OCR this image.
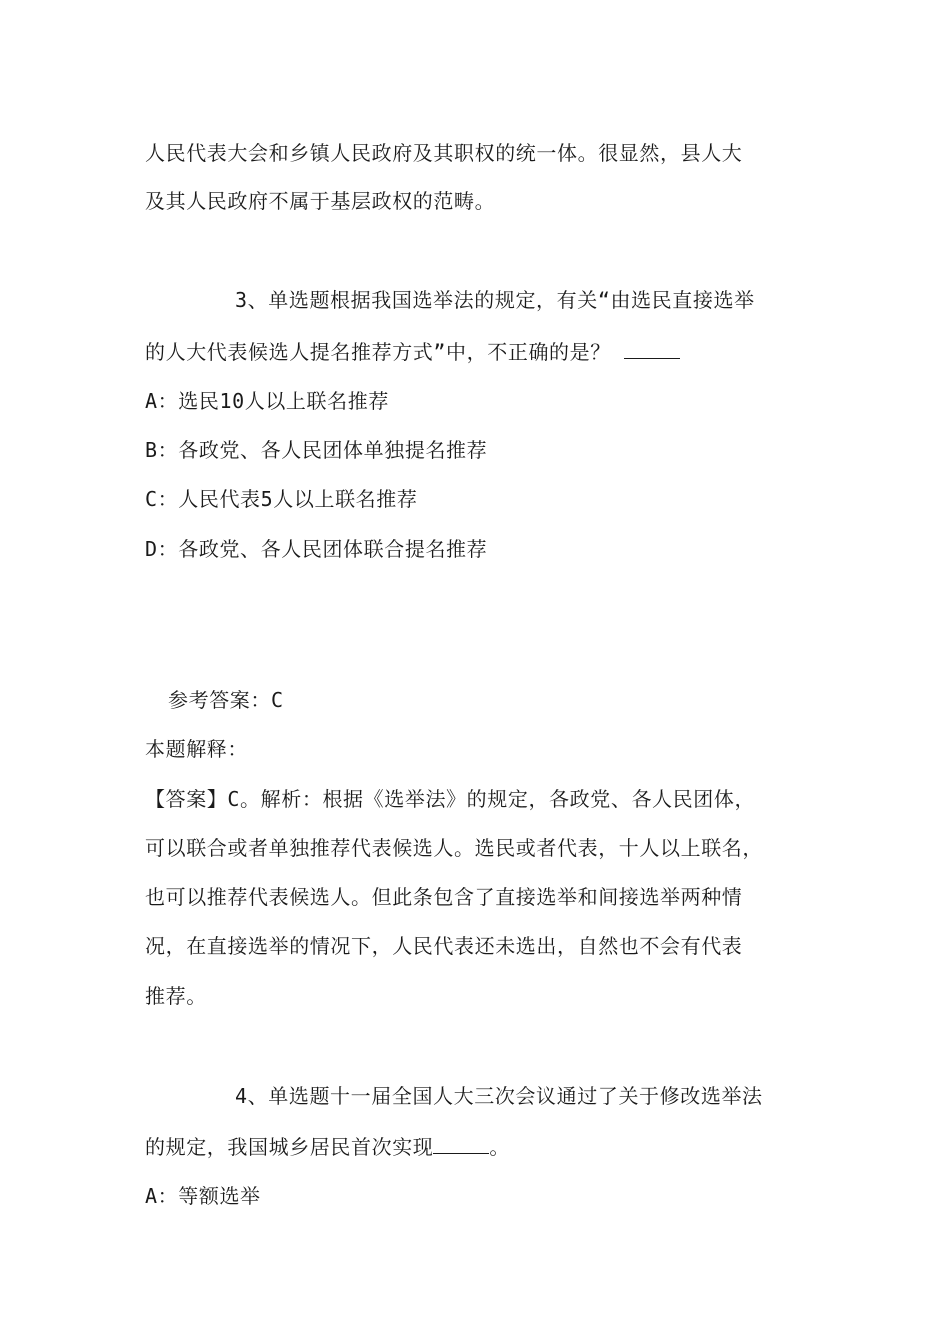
人民代表大会和乡镇人民政府及其职权的统一体。很显然，县人大
及其人民政府不属于基层政权的范畴。
3、单选题根据我国选举法的规定，有关“由选民直接选举
的人大代表候选人提名推荐方式”中，不正确的是？
A：选民10人以上联名推荐
B：各政党、各人民团体单独提名推荐
C：人民代表5人以上联名推荐
D：各政党、各人民团体联合提名推荐
参考答案：C
本题解释：
【答案】C。解析：根据《选举法》的规定，各政党、各人民团体，
可以联合或者单独推荐代表候选人。选民或者代表，十人以上联名，
也可以推荐代表候选人。但此条包含了直接选举和间接选举两种情
况，在直接选举的情况下，人民代表还未选出，自然也不会有代表
推荐。
4、单选题十一届全国人大三次会议通过了关于修改选举法
的规定，我国城乡居民首次实现	。
A：等额选举
